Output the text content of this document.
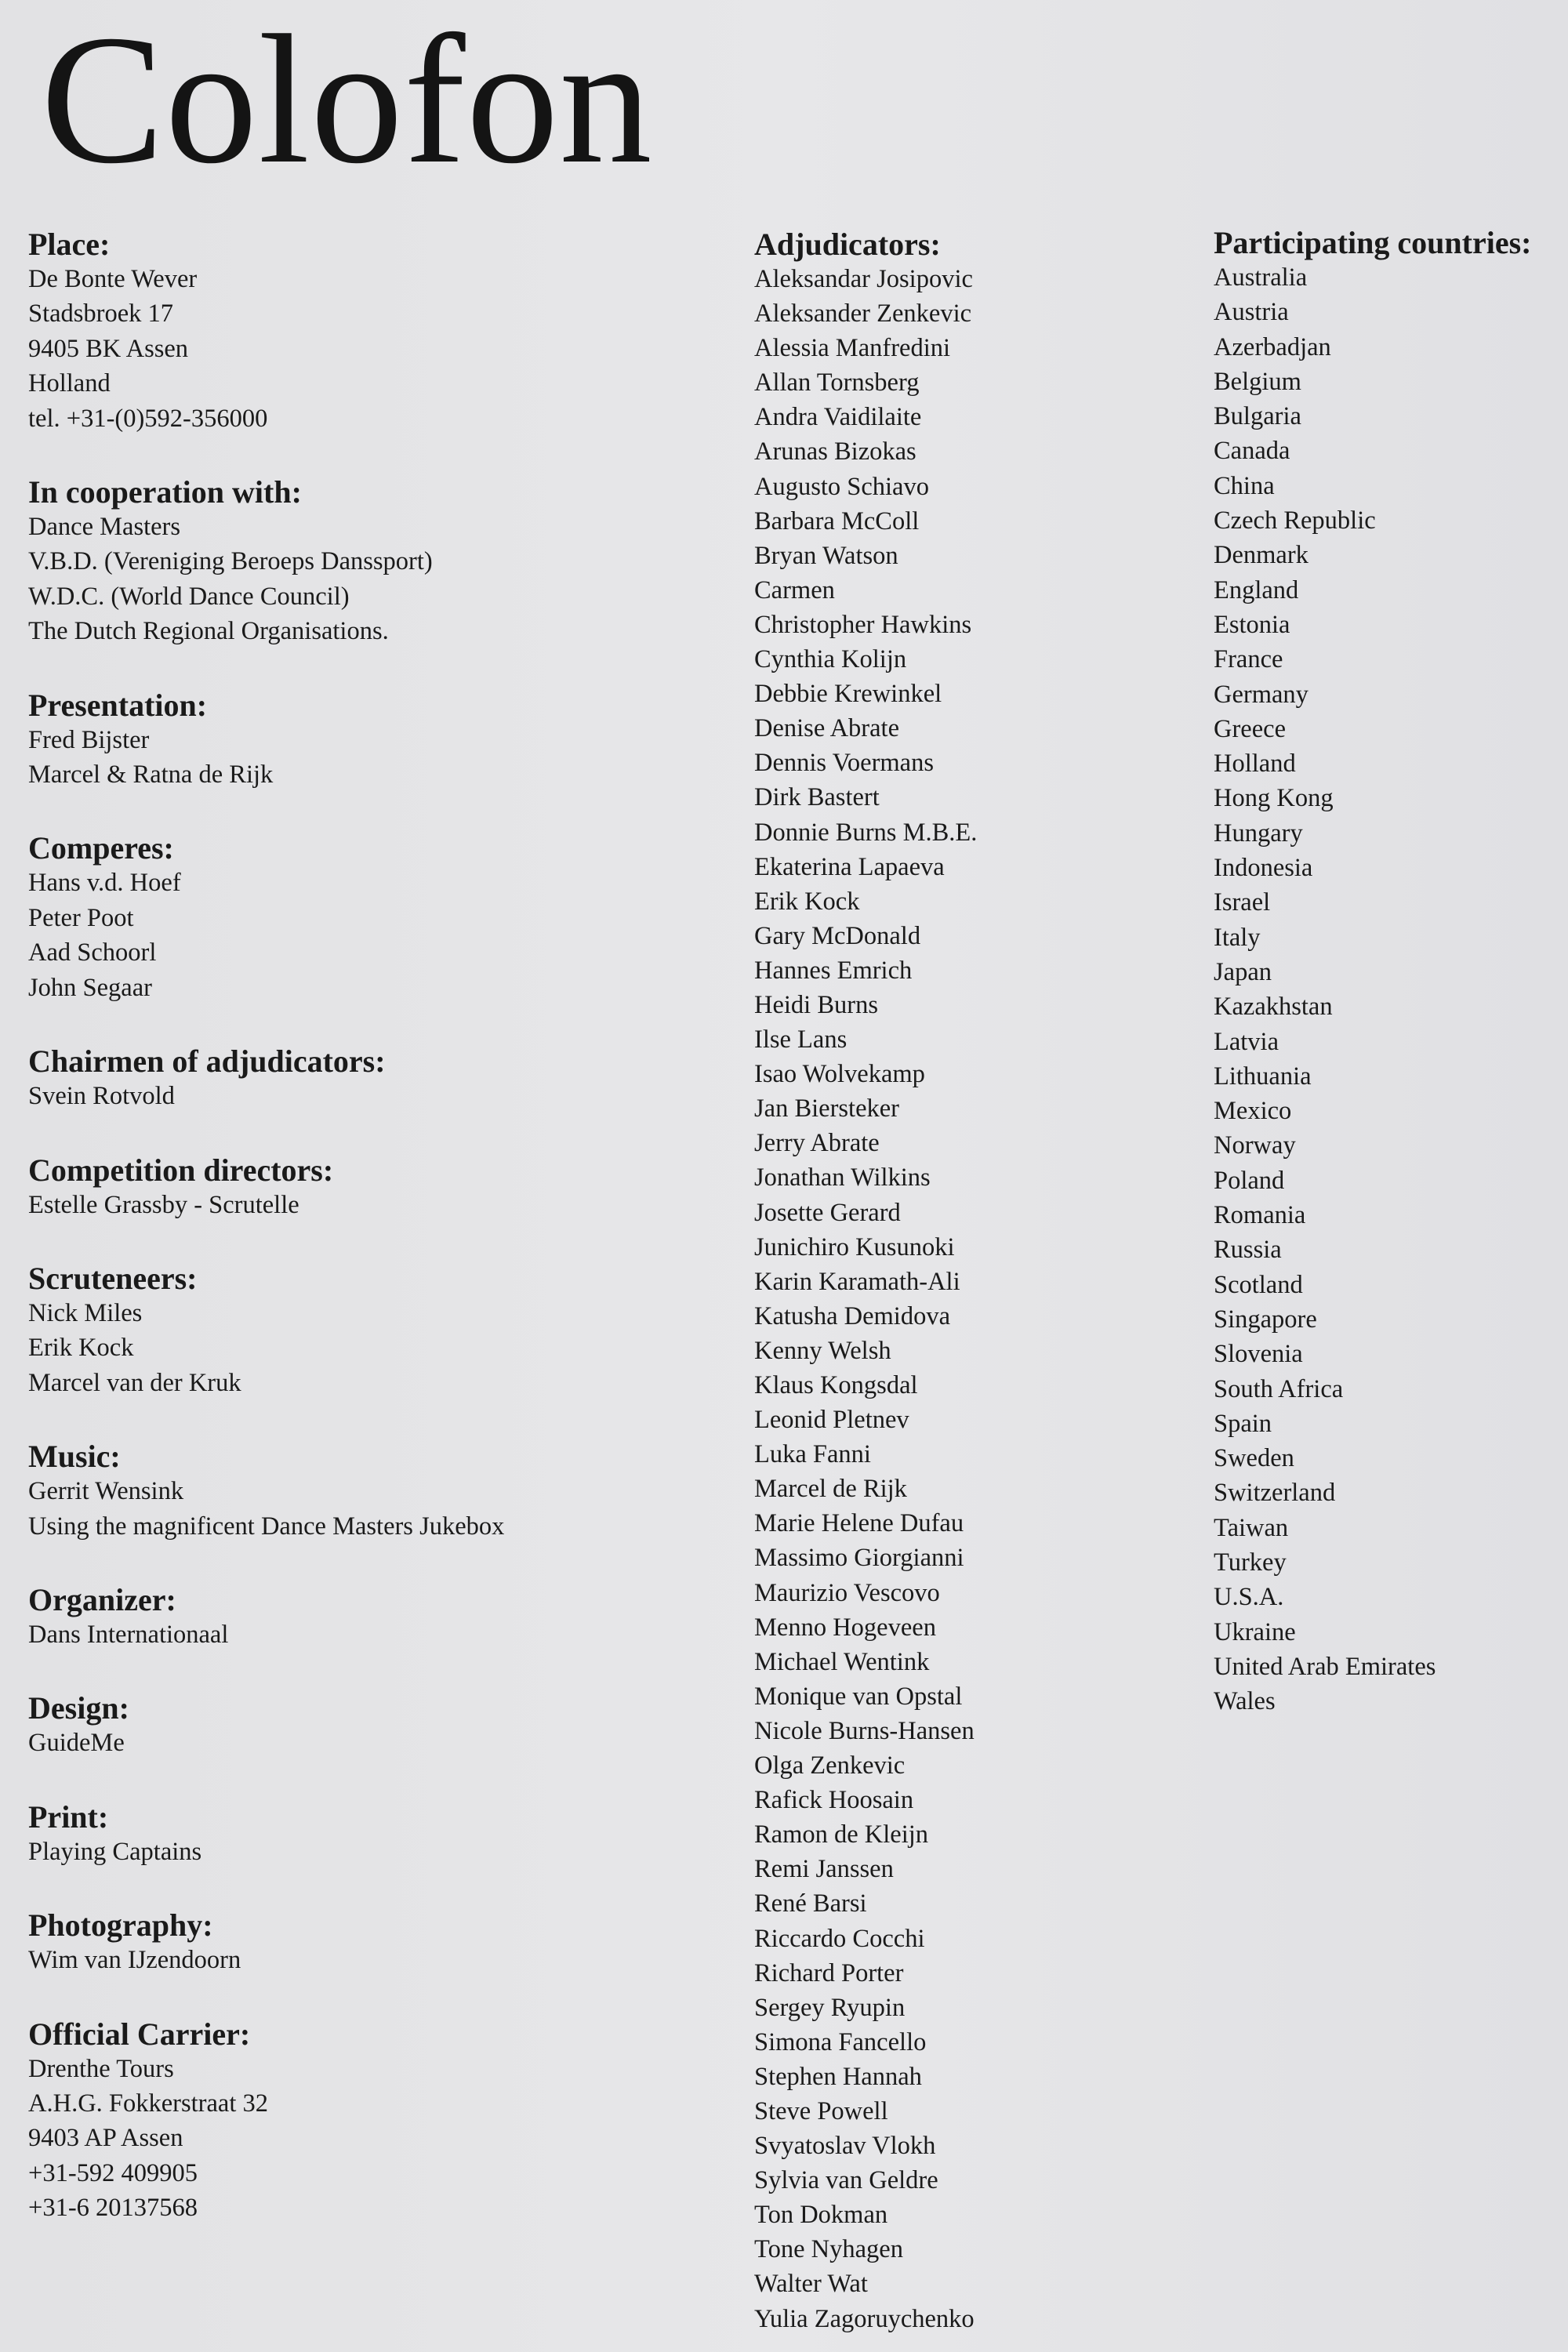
Colofon
Place:
De Bonte Wever
Stadsbroek 17
9405 BK Assen
Holland
tel. +31-(0)592-356000
In cooperation with:
Dance Masters
V.B.D. (Vereniging Beroeps Danssport)
W.D.C. (World Dance Council)
The Dutch Regional Organisations.
Presentation:
Fred Bijster
Marcel & Ratna de Rijk
Comperes:
Hans v.d. Hoef
Peter Poot
Aad Schoorl
John Segaar
Chairmen of adjudicators:
Svein Rotvold
Competition directors:
Estelle Grassby - Scrutelle
Scruteneers:
Nick Miles
Erik Kock
Marcel van der Kruk
Music:
Gerrit Wensink
Using the magnificent Dance Masters Jukebox
Organizer:
Dans Internationaal
Design:
GuideMe
Print:
Playing Captains
Photography:
Wim van IJzendoorn
Official Carrier:
Drenthe Tours
A.H.G. Fokkerstraat 32
9403 AP Assen
+31-592 409905
+31-6 20137568
Adjudicators:
Aleksandar Josipovic
Aleksander Zenkevic
Alessia Manfredini
Allan Tornsberg
Andra Vaidilaite
Arunas Bizokas
Augusto Schiavo
Barbara McColl
Bryan Watson
Carmen
Christopher Hawkins
Cynthia Kolijn
Debbie Krewinkel
Denise Abrate
Dennis Voermans
Dirk Bastert
Donnie Burns M.B.E.
Ekaterina Lapaeva
Erik Kock
Gary McDonald
Hannes Emrich
Heidi Burns
Ilse Lans
Isao Wolvekamp
Jan Biersteker
Jerry Abrate
Jonathan Wilkins
Josette Gerard
Junichiro Kusunoki
Karin Karamath-Ali
Katusha Demidova
Kenny Welsh
Klaus Kongsdal
Leonid Pletnev
Luka Fanni
Marcel de Rijk
Marie Helene Dufau
Massimo Giorgianni
Maurizio Vescovo
Menno Hogeveen
Michael Wentink
Monique van Opstal
Nicole Burns-Hansen
Olga Zenkevic
Rafick Hoosain
Ramon de Kleijn
Remi Janssen
René Barsi
Riccardo Cocchi
Richard Porter
Sergey Ryupin
Simona Fancello
Stephen Hannah
Steve Powell
Svyatoslav Vlokh
Sylvia van Geldre
Ton Dokman
Tone Nyhagen
Walter Wat
Yulia Zagoruychenko
Participating countries:
Australia
Austria
Azerbadjan
Belgium
Bulgaria
Canada
China
Czech Republic
Denmark
England
Estonia
France
Germany
Greece
Holland
Hong Kong
Hungary
Indonesia
Israel
Italy
Japan
Kazakhstan
Latvia
Lithuania
Mexico
Norway
Poland
Romania
Russia
Scotland
Singapore
Slovenia
South Africa
Spain
Sweden
Switzerland
Taiwan
Turkey
U.S.A.
Ukraine
United Arab Emirates
Wales
